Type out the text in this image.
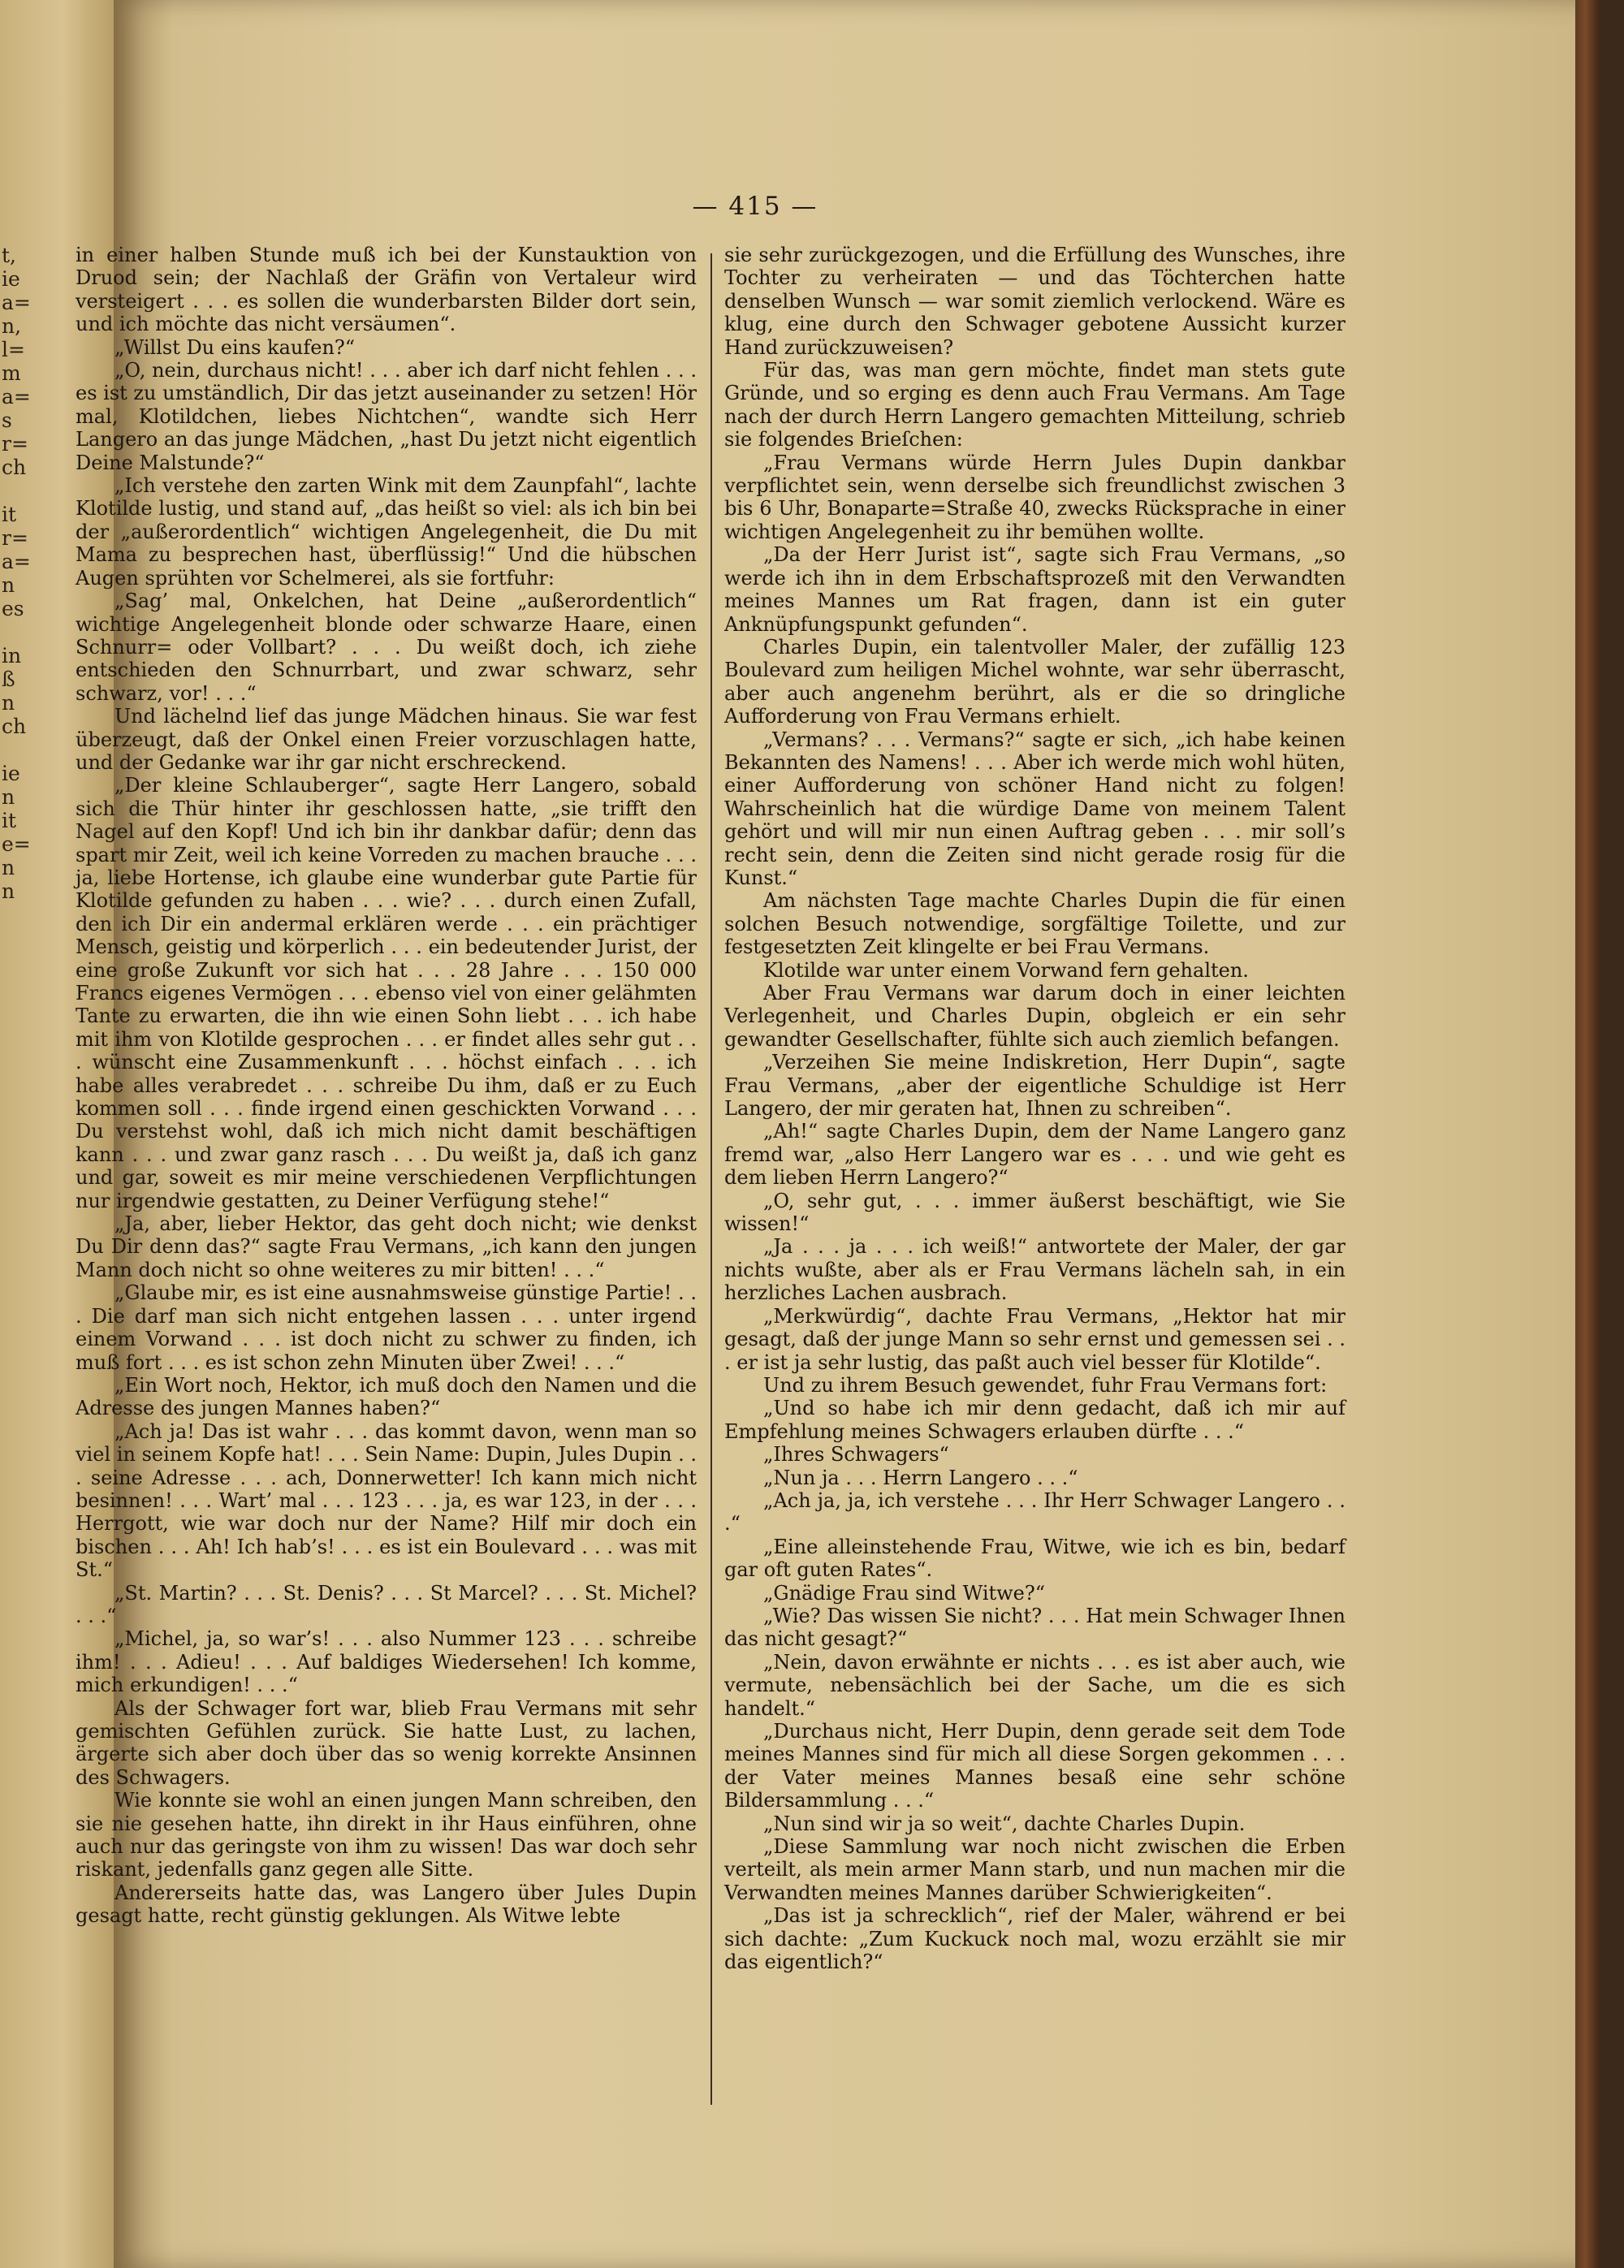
t,
ie
a=
n,
l=
m
a=
s
r=
ch
it
r=
a=
n
es
in
ß
n
ch
ie
n
it
e=
n
n
— 415 —

in einer halben Stunde muß ich bei der Kunstauktion von Druod sein; der Nachlaß der Gräfin von Vertaleur wird versteigert . . . es sollen die wunderbarsten Bilder dort sein, und ich möchte das nicht versäumen“.

„Willst Du eins kaufen?“

„O, nein, durchaus nicht! . . . aber ich darf nicht fehlen . . . es ist zu umständlich, Dir das jetzt auseinander zu setzen! Hör mal, Klotildchen, liebes Nichtchen“, wandte sich Herr Langero an das junge Mädchen, „hast Du jetzt nicht eigentlich Deine Malstunde?“

„Ich verstehe den zarten Wink mit dem Zaunpfahl“, lachte Klotilde lustig, und stand auf, „das heißt so viel: als ich bin bei der „außerordentlich“ wichtigen Angelegenheit, die Du mit Mama zu besprechen hast, überflüssig!“ Und die hübschen Augen sprühten vor Schelmerei, als sie fortfuhr:

„Sag’ mal, Onkelchen, hat Deine „außerordentlich“ wichtige Angelegenheit blonde oder schwarze Haare, einen Schnurr= oder Vollbart? . . . Du weißt doch, ich ziehe entschieden den Schnurrbart, und zwar schwarz, sehr schwarz, vor! . . .“

Und lächelnd lief das junge Mädchen hinaus. Sie war fest überzeugt, daß der Onkel einen Freier vorzuschlagen hatte, und der Gedanke war ihr gar nicht erschreckend.

„Der kleine Schlauberger“, sagte Herr Langero, sobald sich die Thür hinter ihr geschlossen hatte, „sie trifft den Nagel auf den Kopf! Und ich bin ihr dankbar dafür; denn das spart mir Zeit, weil ich keine Vorreden zu machen brauche . . . ja, liebe Hortense, ich glaube eine wunderbar gute Partie für Klotilde gefunden zu haben . . . wie? . . . durch einen Zufall, den ich Dir ein andermal erklären werde . . . ein prächtiger Mensch, geistig und körperlich . . . ein bedeutender Jurist, der eine große Zukunft vor sich hat . . . 28 Jahre . . . 150 000 Francs eigenes Vermögen . . . ebenso viel von einer gelähmten Tante zu erwarten, die ihn wie einen Sohn liebt . . . ich habe mit ihm von Klotilde gesprochen . . . er findet alles sehr gut . . . wünscht eine Zusammenkunft . . . höchst einfach . . . ich habe alles verabredet . . . schreibe Du ihm, daß er zu Euch kommen soll . . . finde irgend einen geschickten Vorwand . . . Du verstehst wohl, daß ich mich nicht damit beschäftigen kann . . . und zwar ganz rasch . . . Du weißt ja, daß ich ganz und gar, soweit es mir meine verschiedenen Verpflichtungen nur irgendwie gestatten, zu Deiner Verfügung stehe!“

„Ja, aber, lieber Hektor, das geht doch nicht; wie denkst Du Dir denn das?“ sagte Frau Vermans, „ich kann den jungen Mann doch nicht so ohne weiteres zu mir bitten! . . .“

„Glaube mir, es ist eine ausnahmsweise günstige Partie! . . . Die darf man sich nicht entgehen lassen . . . unter irgend einem Vorwand . . . ist doch nicht zu schwer zu finden, ich muß fort . . . es ist schon zehn Minuten über Zwei! . . .“

„Ein Wort noch, Hektor, ich muß doch den Namen und die Adresse des jungen Mannes haben?“

„Ach ja! Das ist wahr . . . das kommt davon, wenn man so viel in seinem Kopfe hat! . . . Sein Name: Dupin, Jules Dupin . . . seine Adresse . . . ach, Donnerwetter! Ich kann mich nicht besinnen! . . . Wart’ mal . . . 123 . . . ja, es war 123, in der . . . Herrgott, wie war doch nur der Name? Hilf mir doch ein bischen . . . Ah! Ich hab’s! . . . es ist ein Boulevard . . . was mit St.“

„St. Martin? . . . St. Denis? . . . St Marcel? . . . St. Michel? . . .“

„Michel, ja, so war’s! . . . also Nummer 123 . . . schreibe ihm! . . . Adieu! . . . Auf baldiges Wiedersehen! Ich komme, mich erkundigen! . . .“

Als der Schwager fort war, blieb Frau Vermans mit sehr gemischten Gefühlen zurück. Sie hatte Lust, zu lachen, ärgerte sich aber doch über das so wenig korrekte Ansinnen des Schwagers.

Wie konnte sie wohl an einen jungen Mann schreiben, den sie nie gesehen hatte, ihn direkt in ihr Haus einführen, ohne auch nur das geringste von ihm zu wissen! Das war doch sehr riskant, jedenfalls ganz gegen alle Sitte.

Andererseits hatte das, was Langero über Jules Dupin gesagt hatte, recht günstig geklungen. Als Witwe lebte

sie sehr zurückgezogen, und die Erfüllung des Wunsches, ihre Tochter zu verheiraten — und das Töchterchen hatte denselben Wunsch — war somit ziemlich verlockend. Wäre es klug, eine durch den Schwager gebotene Aussicht kurzer Hand zurückzuweisen?

Für das, was man gern möchte, findet man stets gute Gründe, und so erging es denn auch Frau Vermans. Am Tage nach der durch Herrn Langero gemachten Mitteilung, schrieb sie folgendes Brieſchen:

„Frau Vermans würde Herrn Jules Dupin dankbar verpflichtet sein, wenn derselbe sich freundlichst zwischen 3 bis 6 Uhr, Bonaparte=Straße 40, zwecks Rücksprache in einer wichtigen Angelegenheit zu ihr bemühen wollte.

„Da der Herr Jurist ist“, sagte sich Frau Vermans, „so werde ich ihn in dem Erbschaftsprozeß mit den Verwandten meines Mannes um Rat fragen, dann ist ein guter Anknüpfungspunkt gefunden“.

Charles Dupin, ein talentvoller Maler, der zufällig 123 Boulevard zum heiligen Michel wohnte, war sehr überrascht, aber auch angenehm berührt, als er die so dringliche Aufforderung von Frau Vermans erhielt.

„Vermans? . . . Vermans?“ sagte er sich, „ich habe keinen Bekannten des Namens! . . . Aber ich werde mich wohl hüten, einer Aufforderung von schöner Hand nicht zu folgen! Wahrscheinlich hat die würdige Dame von meinem Talent gehört und will mir nun einen Auftrag geben . . . mir soll’s recht sein, denn die Zeiten sind nicht gerade rosig für die Kunst.“

Am nächsten Tage machte Charles Dupin die für einen solchen Besuch notwendige, sorgfältige Toilette, und zur festgesetzten Zeit klingelte er bei Frau Vermans.

Klotilde war unter einem Vorwand fern gehalten.

Aber Frau Vermans war darum doch in einer leichten Verlegenheit, und Charles Dupin, obgleich er ein sehr gewandter Gesellschafter, fühlte sich auch ziemlich befangen.

„Verzeihen Sie meine Indiskretion, Herr Dupin“, sagte Frau Vermans, „aber der eigentliche Schuldige ist Herr Langero, der mir geraten hat, Ihnen zu schreiben“.

„Ah!“ sagte Charles Dupin, dem der Name Langero ganz fremd war, „also Herr Langero war es . . . und wie geht es dem lieben Herrn Langero?“

„O, sehr gut, . . . immer äußerst beschäftigt, wie Sie wissen!“

„Ja . . . ja . . . ich weiß!“ antwortete der Maler, der gar nichts wußte, aber als er Frau Vermans lächeln sah, in ein herzliches Lachen ausbrach.

„Merkwürdig“, dachte Frau Vermans, „Hektor hat mir gesagt, daß der junge Mann so sehr ernst und gemessen sei . . . er ist ja sehr lustig, das paßt auch viel besser für Klotilde“.

Und zu ihrem Besuch gewendet, fuhr Frau Vermans fort:

„Und so habe ich mir denn gedacht, daß ich mir auf Empfehlung meines Schwagers erlauben dürfte . . .“

„Ihres Schwagers“

„Nun ja . . . Herrn Langero . . .“

„Ach ja, ja, ich verstehe . . . Ihr Herr Schwager Langero . . .“

„Eine alleinstehende Frau, Witwe, wie ich es bin, bedarf gar oft guten Rates“.

„Gnädige Frau sind Witwe?“

„Wie? Das wissen Sie nicht? . . . Hat mein Schwager Ihnen das nicht gesagt?“

„Nein, davon erwähnte er nichts . . . es ist aber auch, wie vermute, nebensächlich bei der Sache, um die es sich handelt.“

„Durchaus nicht, Herr Dupin, denn gerade seit dem Tode meines Mannes sind für mich all diese Sorgen gekommen . . . der Vater meines Mannes besaß eine sehr schöne Bildersammlung . . .“

„Nun sind wir ja so weit“, dachte Charles Dupin.

„Diese Sammlung war noch nicht zwischen die Erben verteilt, als mein armer Mann starb, und nun machen mir die Verwandten meines Mannes darüber Schwierigkeiten“.

„Das ist ja schrecklich“, rief der Maler, während er bei sich dachte: „Zum Kuckuck noch mal, wozu erzählt sie mir das eigentlich?“
